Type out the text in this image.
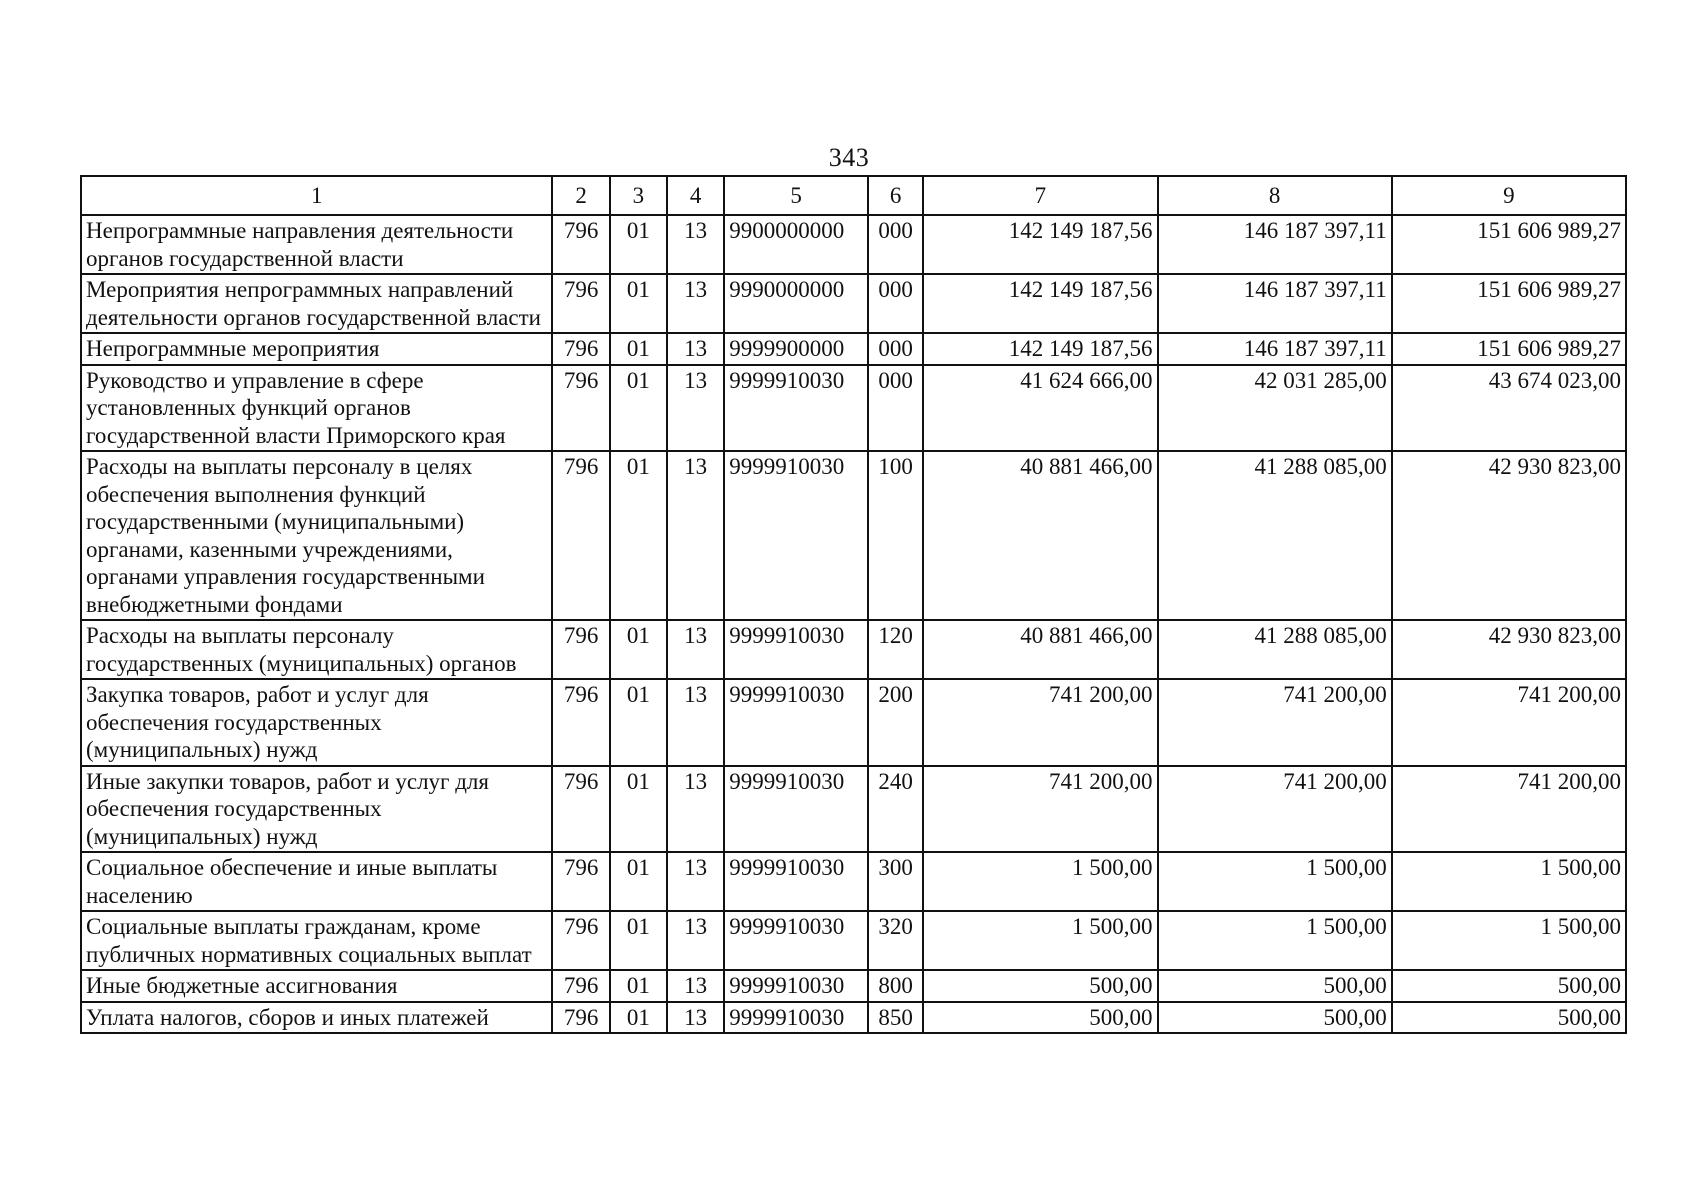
343
1	2	3	4	5	6	7	8	9
Непрограммные направления деятельности органов государственной власти	796	01	13	9900000000	000	142 149 187,56	146 187 397,11	151 606 989,27
Мероприятия непрограммных направлений деятельности органов государственной власти	796	01	13	9990000000	000	142 149 187,56	146 187 397,11	151 606 989,27
Непрограммные мероприятия	796	01	13	9999900000	000	142 149 187,56	146 187 397,11	151 606 989,27
Руководство и управление в сфере установленных функций органов государственной власти Приморского края	796	01	13	9999910030	000	41 624 666,00	42 031 285,00	43 674 023,00
Расходы на выплаты персоналу в целях обеспечения выполнения функций государственными (муниципальными) органами, казенными учреждениями, органами управления государственными внебюджетными фондами	796	01	13	9999910030	100	40 881 466,00	41 288 085,00	42 930 823,00
Расходы на выплаты персоналу государственных (муниципальных) органов	796	01	13	9999910030	120	40 881 466,00	41 288 085,00	42 930 823,00
Закупка товаров, работ и услуг для обеспечения государственных (муниципальных) нужд	796	01	13	9999910030	200	741 200,00	741 200,00	741 200,00
Иные закупки товаров, работ и услуг для обеспечения государственных (муниципальных) нужд	796	01	13	9999910030	240	741 200,00	741 200,00	741 200,00
Социальное обеспечение и иные выплаты населению	796	01	13	9999910030	300	1 500,00	1 500,00	1 500,00
Социальные выплаты гражданам, кроме публичных нормативных социальных выплат	796	01	13	9999910030	320	1 500,00	1 500,00	1 500,00
Иные бюджетные ассигнования	796	01	13	9999910030	800	500,00	500,00	500,00
Уплата налогов, сборов и иных платежей	796	01	13	9999910030	850	500,00	500,00	500,00
